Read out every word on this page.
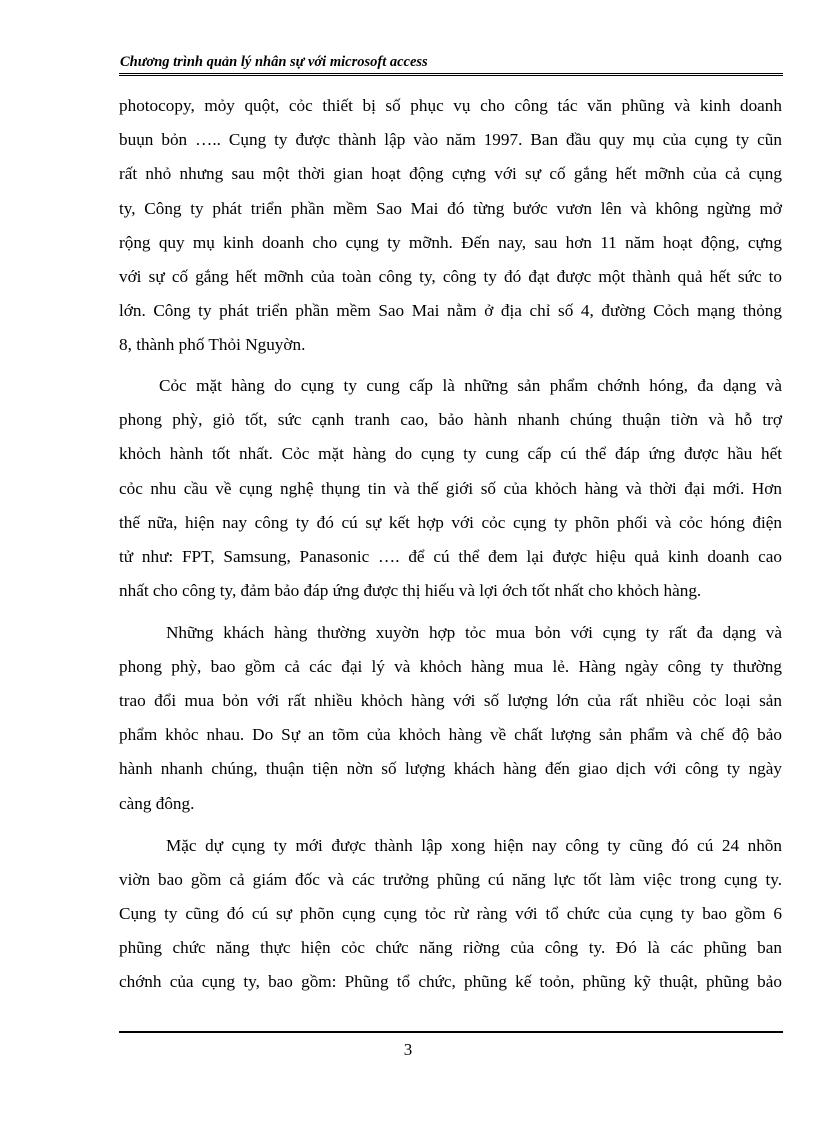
Chương trình quản lý nhân sự với microsoft access
photocopy, mỏy quột, cỏc thiết bị số phục vụ cho công tác văn phũng và kinh doanh
buụn bỏn ….. Cụng ty được thành lập vào năm 1997. Ban đầu quy mụ của cụng ty cũn
rất nhỏ nhưng sau một thời gian hoạt động cựng với sự cố gắng hết mỡnh của cả cụng
ty, Công ty phát triển phần mềm Sao Mai đó từng bước vươn lên và không ngừng mở
rộng quy mụ kinh doanh cho cụng ty mỡnh. Đến nay, sau hơn 11 năm hoạt động, cựng
với sự cố gắng hết mỡnh của toàn công ty, công ty đó đạt được một thành quả hết sức to
lớn. Công ty phát triển phần mềm Sao Mai nằm ở địa chỉ số 4, đường Cỏch mạng thỏng
8, thành phố Thỏi Nguyờn.
Cỏc mặt hàng do cụng ty cung cấp là những sản phẩm chớnh hóng, đa dạng và
phong phỳ, giỏ tốt, sức cạnh tranh cao, bảo hành nhanh chúng thuận tiờn và hỗ trợ
khỏch hành tốt nhất. Cỏc mặt hàng do cụng ty cung cấp cú thể đáp ứng được hầu hết
cỏc nhu cầu về cụng nghệ thụng tin và thế giới số của khỏch hàng và thời đại mới. Hơn
thế nữa, hiện nay công ty đó cú sự kết hợp với cỏc cụng ty phõn phối và cỏc hóng điện
tử như: FPT, Samsung, Panasonic …. để cú thể đem lại được hiệu quả kinh doanh cao
nhất cho công ty, đảm bảo đáp ứng được thị hiếu và lợi ớch tốt nhất cho khỏch hàng.
Những khách hàng thường xuyờn hợp tỏc mua bỏn với cụng ty rất đa dạng và
phong phỳ, bao gồm cả các đại lý và khỏch hàng mua lẻ. Hàng ngày công ty thường
trao đổi mua bỏn với rất nhiều khỏch hàng với số lượng lớn của rất nhiều cỏc loại sản
phẩm khỏc nhau. Do Sự an tõm của khỏch hàng về chất lượng sản phẩm và chế độ bảo
hành nhanh chúng, thuận tiện nờn số lượng khách hàng đến giao dịch với công ty ngày
càng đông.
Mặc dự cụng ty mới được thành lập xong hiện nay công ty cũng đó cú 24 nhõn
viờn bao gồm cả giám đốc và các trưởng phũng cú năng lực tốt làm việc trong cụng ty.
Cụng ty cũng đó cú sự phõn cụng cụng tỏc rừ ràng với tổ chức của cụng ty bao gồm 6
phũng chức năng thực hiện cỏc chức năng riờng của công ty. Đó là các phũng ban
chớnh của cụng ty, bao gồm: Phũng tổ chức, phũng kế toỏn, phũng kỹ thuật, phũng bảo
3
